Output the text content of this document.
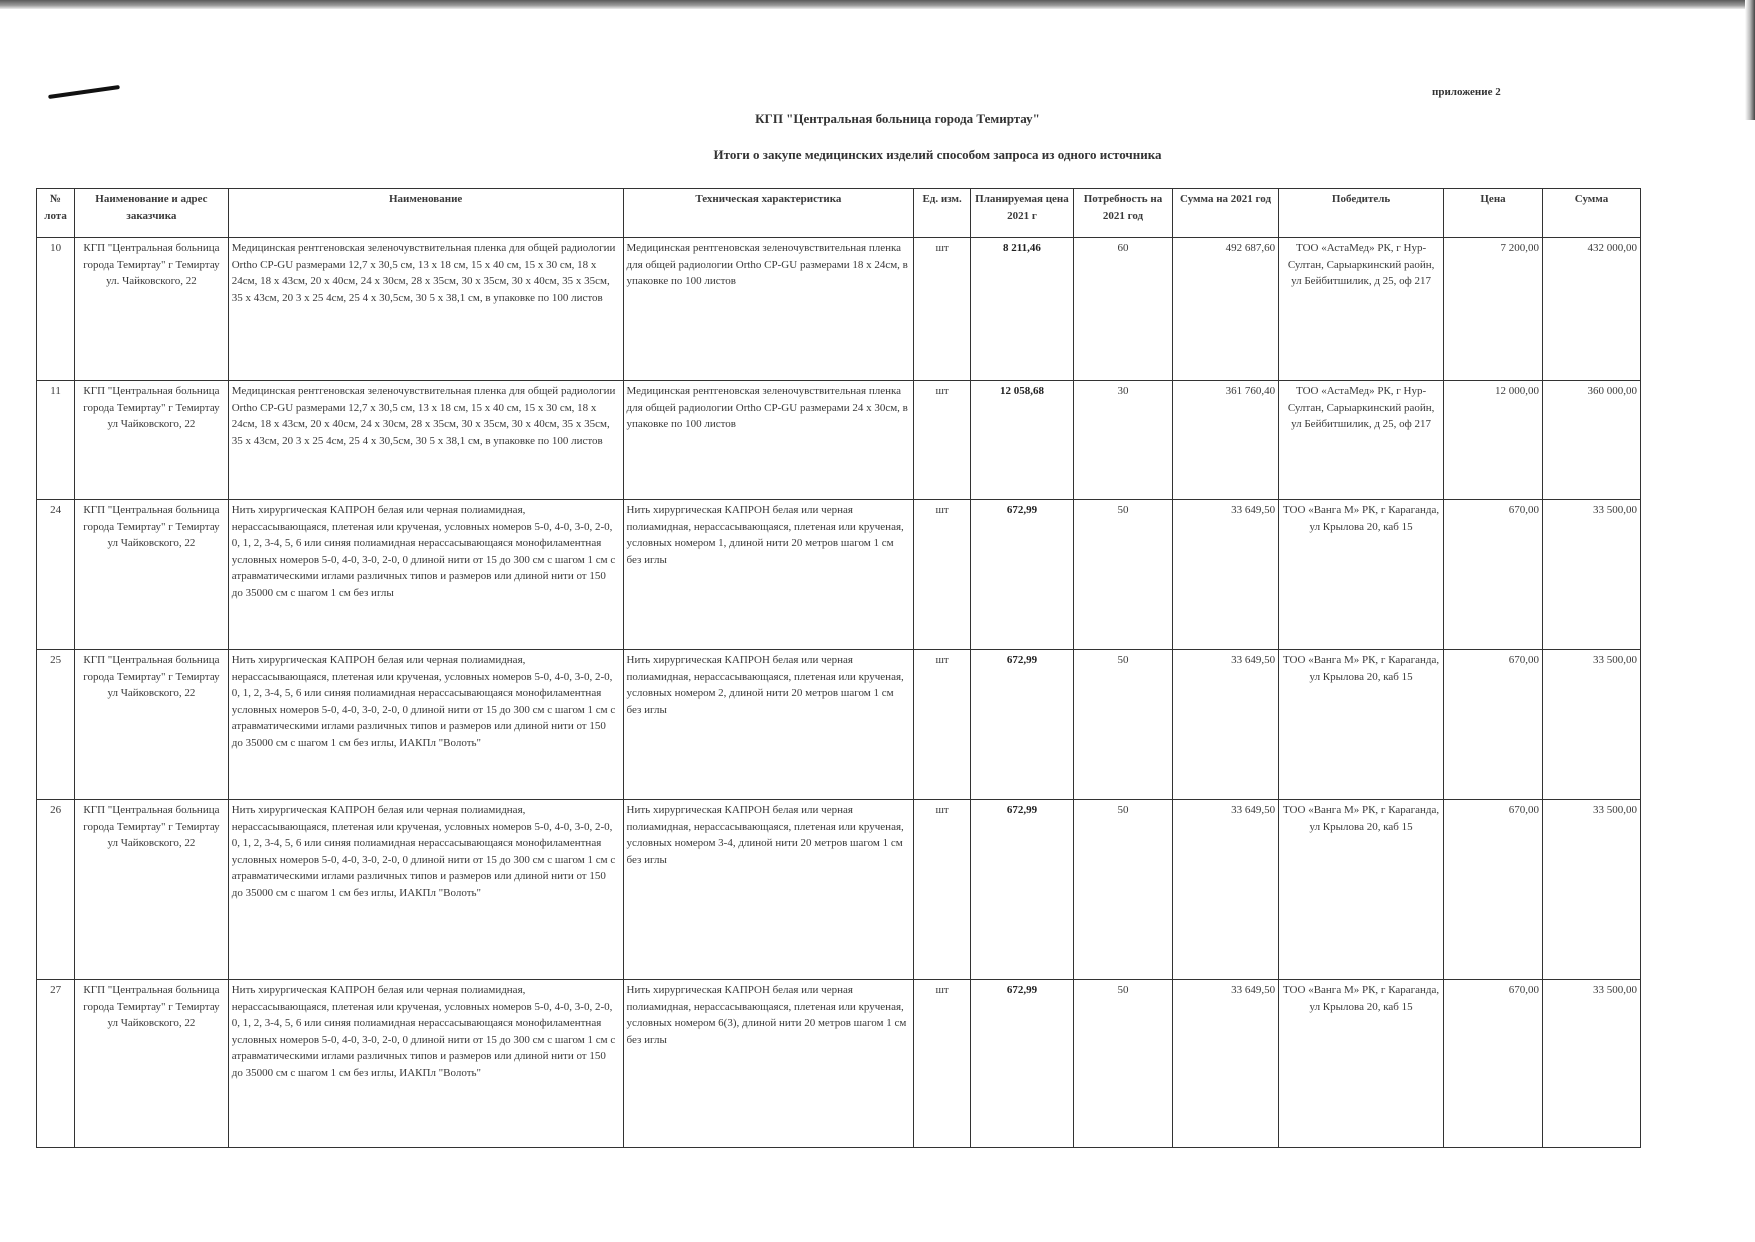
приложение 2
КГП "Центральная больница города Темиртау"
Итоги о закупе медицинских изделий способом запроса из одного источника
№ лота	Наименование и адрес заказчика	Наименование	Техническая характеристика	Ед. изм.	Планируемая цена 2021 г	Потребность на 2021 год	Сумма на 2021 год	Победитель	Цена	Сумма
10	КГП "Центральная больница города Темиртау" г Темиртау ул. Чайковского, 22	Медицинская рентгеновская зеленочувствительная пленка для общей радиологии Ortho CP-GU размерами 12,7 х 30,5 см, 13 х 18 см, 15 х 40 см, 15 х 30 см, 18 х 24см, 18 х 43см, 20 х 40см, 24 х 30см, 28 х 35см, 30 х 35см, 30 х 40см, 35 х 35см, 35 х 43см, 20 3 х 25 4см, 25 4 х 30,5см, 30 5 х 38,1 см, в упаковке по 100 листов	Медицинская рентгеновская зеленочувствительная пленка для общей радиологии Ortho CP-GU размерами 18 х 24см, в упаковке по 100 листов	шт	8 211,46	60	492 687,60	ТОО «АстаМед» РК, г Нур-Султан, Сарыаркинский раойн, ул Бейбитшилик, д 25, оф 217	7 200,00	432 000,00
11	КГП "Центральная больница города Темиртау" г Темиртау ул Чайковского, 22	Медицинская рентгеновская зеленочувствительная пленка для общей радиологии Ortho CP-GU размерами 12,7 х 30,5 см, 13 х 18 см, 15 х 40 см, 15 х 30 см, 18 х 24см, 18 х 43см, 20 х 40см, 24 х 30см, 28 х 35см, 30 х 35см, 30 х 40см, 35 х 35см, 35 х 43см, 20 3 х 25 4см, 25 4 х 30,5см, 30 5 х 38,1 см, в упаковке по 100 листов	Медицинская рентгеновская зеленочувствительная пленка для общей радиологии Ortho CP-GU размерами 24 х 30см, в упаковке по 100 листов	шт	12 058,68	30	361 760,40	ТОО «АстаМед» РК, г Нур-Султан, Сарыаркинский раойн, ул Бейбитшилик, д 25, оф 217	12 000,00	360 000,00
24	КГП "Центральная больница города Темиртау" г Темиртау ул Чайковского, 22	Нить хирургическая КАПРОН белая или черная полиамидная, нерассасывающаяся, плетеная или крученая, условных номеров 5-0, 4-0, 3-0, 2-0, 0, 1, 2, 3-4, 5, 6 или синяя полиамидная нерассасывающаяся монофиламентная условных номеров 5-0, 4-0, 3-0, 2-0, 0 длиной нити от 15 до 300 см с шагом 1 см с атравматическими иглами различных типов и размеров или длиной нити от 150 до 35000 см с шагом 1 см без иглы	Нить хирургическая КАПРОН белая или черная полиамидная, нерассасывающаяся, плетеная или крученая, условных номером 1, длиной нити 20 метров шагом 1 см без иглы	шт	672,99	50	33 649,50	ТОО «Ванга М» РК, г Караганда, ул Крылова 20, каб 15	670,00	33 500,00
25	КГП "Центральная больница города Темиртау" г Темиртау ул Чайковского, 22	Нить хирургическая КАПРОН белая или черная полиамидная, нерассасывающаяся, плетеная или крученая, условных номеров 5-0, 4-0, 3-0, 2-0, 0, 1, 2, 3-4, 5, 6 или синяя полиамидная нерассасывающаяся монофиламентная условных номеров 5-0, 4-0, 3-0, 2-0, 0 длиной нити от 15 до 300 см с шагом 1 см с атравматическими иглами различных типов и размеров или длиной нити от 150 до 35000 см с шагом 1 см без иглы, ИАКПл "Волоть"	Нить хирургическая КАПРОН белая или черная полиамидная, нерассасывающаяся, плетеная или крученая, условных номером 2, длиной нити 20 метров шагом 1 см без иглы	шт	672,99	50	33 649,50	ТОО «Ванга М» РК, г Караганда, ул Крылова 20, каб 15	670,00	33 500,00
26	КГП "Центральная больница города Темиртау" г Темиртау ул Чайковского, 22	Нить хирургическая КАПРОН белая или черная полиамидная, нерассасывающаяся, плетеная или крученая, условных номеров 5-0, 4-0, 3-0, 2-0, 0, 1, 2, 3-4, 5, 6 или синяя полиамидная нерассасывающаяся монофиламентная условных номеров 5-0, 4-0, 3-0, 2-0, 0 длиной нити от 15 до 300 см с шагом 1 см с атравматическими иглами различных типов и размеров или длиной нити от 150 до 35000 см с шагом 1 см без иглы, ИАКПл "Волоть"	Нить хирургическая КАПРОН белая или черная полиамидная, нерассасывающаяся, плетеная или крученая, условных номером 3-4, длиной нити 20 метров шагом 1 см без иглы	шт	672,99	50	33 649,50	ТОО «Ванга М» РК, г Караганда, ул Крылова 20, каб 15	670,00	33 500,00
27	КГП "Центральная больница города Темиртау" г Темиртау ул Чайковского, 22	Нить хирургическая КАПРОН белая или черная полиамидная, нерассасывающаяся, плетеная или крученая, условных номеров 5-0, 4-0, 3-0, 2-0, 0, 1, 2, 3-4, 5, 6 или синяя полиамидная нерассасывающаяся монофиламентная условных номеров 5-0, 4-0, 3-0, 2-0, 0 длиной нити от 15 до 300 см с шагом 1 см с атравматическими иглами различных типов и размеров или длиной нити от 150 до 35000 см с шагом 1 см без иглы, ИАКПл "Волоть"	Нить хирургическая КАПРОН белая или черная полиамидная, нерассасывающаяся, плетеная или крученая, условных номером 6(3), длиной нити 20 метров шагом 1 см без иглы	шт	672,99	50	33 649,50	ТОО «Ванга М» РК, г Караганда, ул Крылова 20, каб 15	670,00	33 500,00
